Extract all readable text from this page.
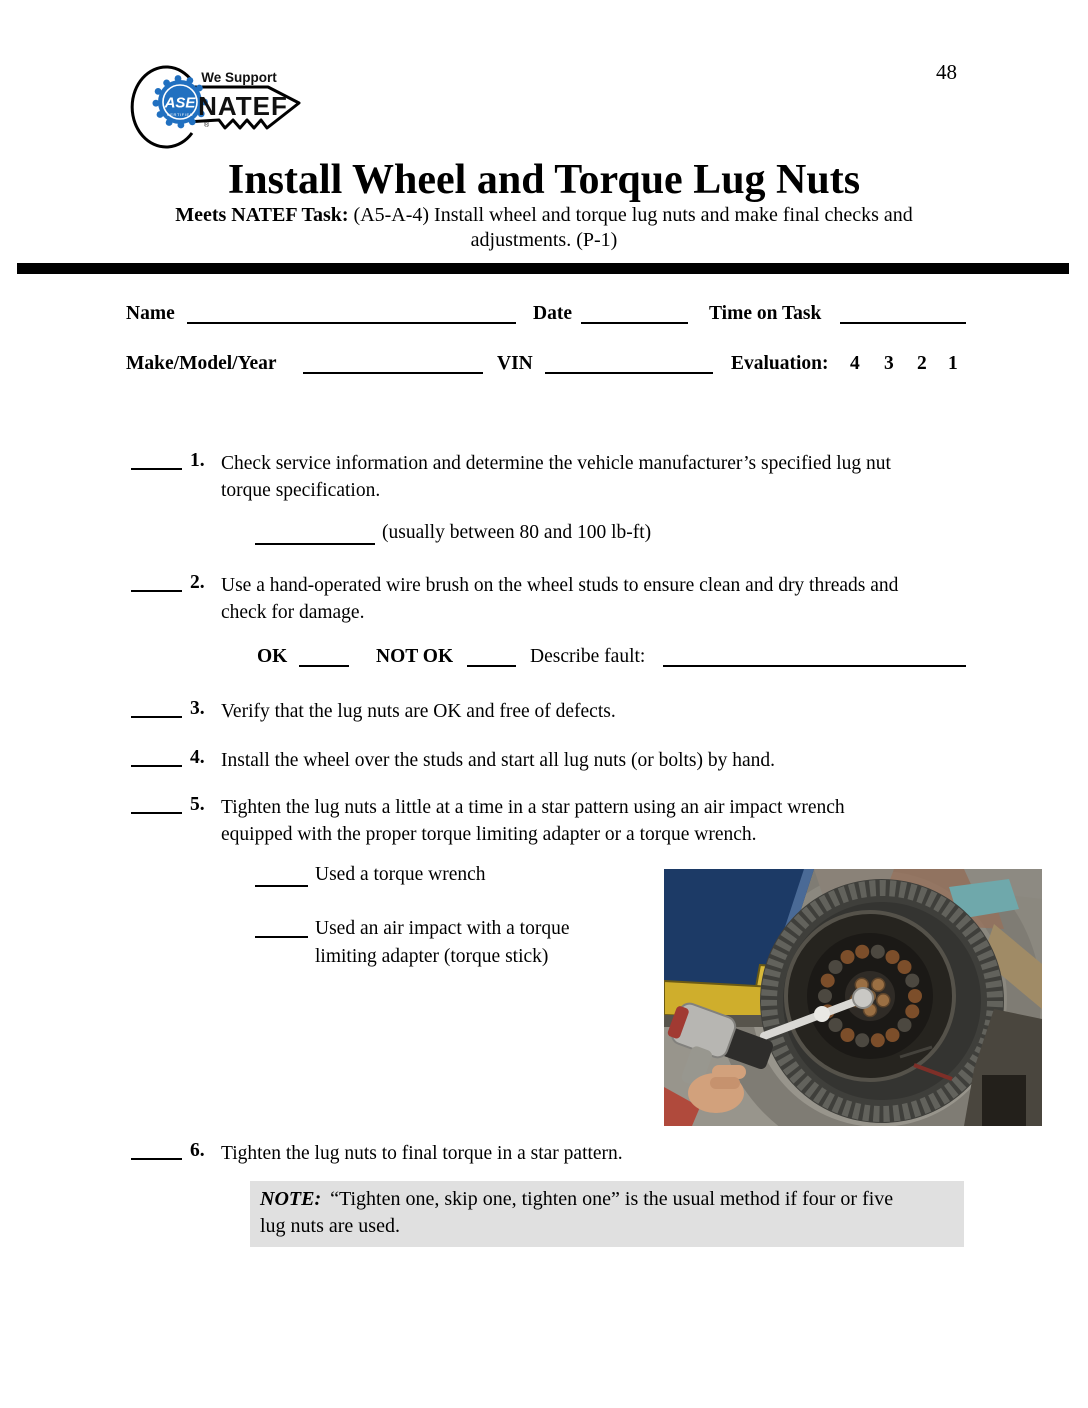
48
ASE
CERTIFIED
We Support
NATEF
®
Install Wheel and Torque Lug Nuts
Meets NATEF Task: (A5-A-4) Install wheel and torque lug nuts and make final checks and
adjustments. (P-1)
Name	Date	Time on Task
Make/Model/Year	VIN	Evaluation: 4 3 2 1
1. Check service information and determine the vehicle manufacturer’s specified lug nut
torque specification.
(usually between 80 and 100 lb-ft)
2. Use a hand-operated wire brush on the wheel studs to ensure clean and dry threads and
check for damage.
OK	NOT OK	Describe fault:
3. Verify that the lug nuts are OK and free of defects.
4. Install the wheel over the studs and start all lug nuts (or bolts) by hand.
5. Tighten the lug nuts a little at a time in a star pattern using an air impact wrench
equipped with the proper torque limiting adapter or a torque wrench.
Used a torque wrench
Used an air impact with a torque
limiting adapter (torque stick)
6. Tighten the lug nuts to final torque in a star pattern.
NOTE: “Tighten one, skip one, tighten one” is the usual method if four or five
lug nuts are used.
